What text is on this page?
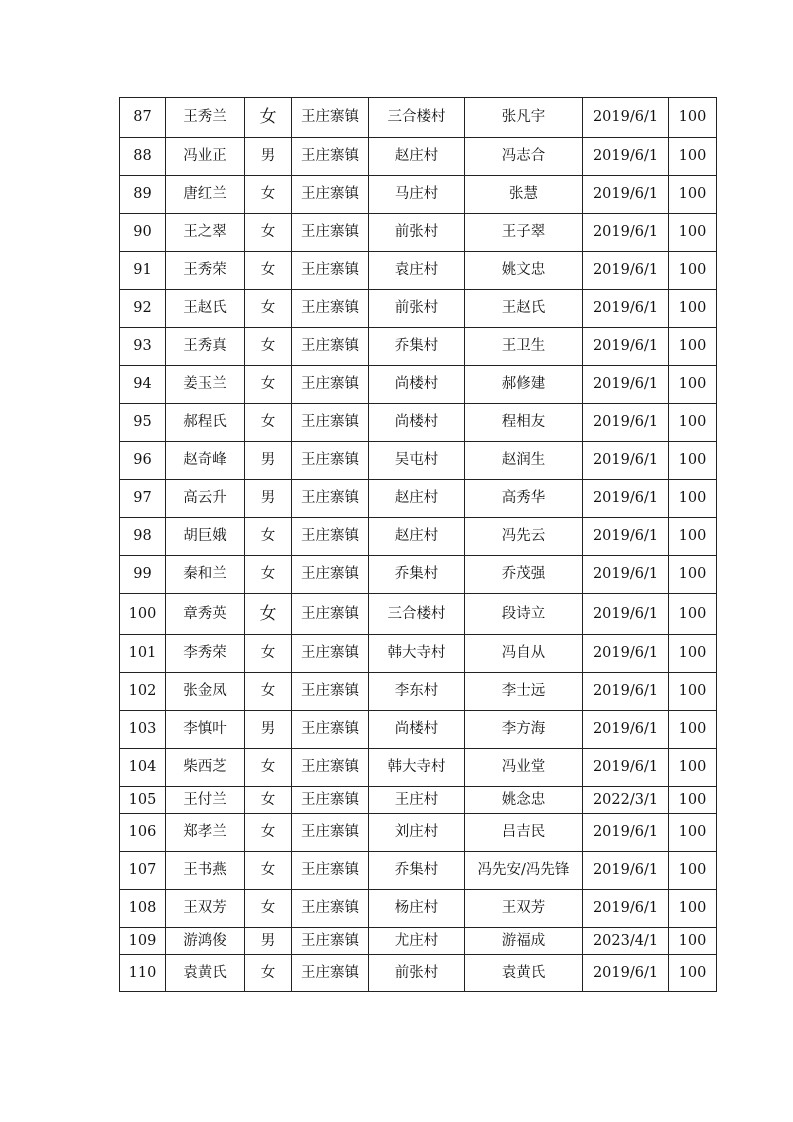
87	王秀兰	女	王庄寨镇	三合楼村	张凡宇	2019/6/1	100
88	冯业正	男	王庄寨镇	赵庄村	冯志合	2019/6/1	100
89	唐红兰	女	王庄寨镇	马庄村	张慧	2019/6/1	100
90	王之翠	女	王庄寨镇	前张村	王子翠	2019/6/1	100
91	王秀荣	女	王庄寨镇	袁庄村	姚文忠	2019/6/1	100
92	王赵氏	女	王庄寨镇	前张村	王赵氏	2019/6/1	100
93	王秀真	女	王庄寨镇	乔集村	王卫生	2019/6/1	100
94	姜玉兰	女	王庄寨镇	尚楼村	郝修建	2019/6/1	100
95	郝程氏	女	王庄寨镇	尚楼村	程相友	2019/6/1	100
96	赵奇峰	男	王庄寨镇	吴屯村	赵润生	2019/6/1	100
97	高云升	男	王庄寨镇	赵庄村	高秀华	2019/6/1	100
98	胡巨娥	女	王庄寨镇	赵庄村	冯先云	2019/6/1	100
99	秦和兰	女	王庄寨镇	乔集村	乔茂强	2019/6/1	100
100	章秀英	女	王庄寨镇	三合楼村	段诗立	2019/6/1	100
101	李秀荣	女	王庄寨镇	韩大寺村	冯自从	2019/6/1	100
102	张金凤	女	王庄寨镇	李东村	李士远	2019/6/1	100
103	李慎叶	男	王庄寨镇	尚楼村	李方海	2019/6/1	100
104	柴西芝	女	王庄寨镇	韩大寺村	冯业堂	2019/6/1	100
105	王付兰	女	王庄寨镇	王庄村	姚念忠	2022/3/1	100
106	郑孝兰	女	王庄寨镇	刘庄村	吕吉民	2019/6/1	100
107	王书燕	女	王庄寨镇	乔集村	冯先安/冯先锋	2019/6/1	100
108	王双芳	女	王庄寨镇	杨庄村	王双芳	2019/6/1	100
109	游鸿俊	男	王庄寨镇	尤庄村	游福成	2023/4/1	100
110	袁黄氏	女	王庄寨镇	前张村	袁黄氏	2019/6/1	100
